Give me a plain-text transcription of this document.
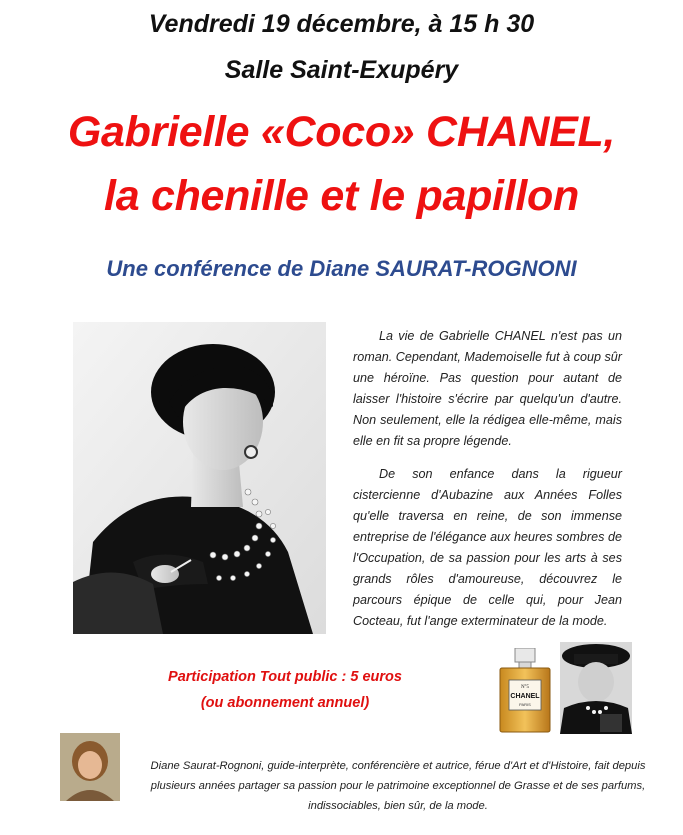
Vendredi 19 décembre, à 15 h 30
Salle Saint-Exupéry
Gabrielle «Coco» CHANEL,
la chenille et le papillon
Une conférence de Diane SAURAT-ROGNONI

La vie de Gabrielle CHANEL n'est pas un roman. Cependant, Mademoiselle fut à coup sûr une héroïne. Pas question pour autant de laisser l'histoire s'écrire par quelqu'un d'autre. Non seulement, elle la rédigea elle-même, mais elle en fit sa propre légende.

De son enfance dans la rigueur cistercienne d'Aubazine aux Années Folles qu'elle traversa en reine, de son immense entreprise de l'élégance aux heures sombres de l'Occupation, de sa passion pour les arts à ses grands rôles d'amoureuse, découvrez le parcours épique de celle qui, pour Jean Cocteau, fut l'ange exterminateur de la mode.

Participation Tout public : 5 euros
(ou abonnement annuel)
N°5
CHANEL
PARIS
Diane Saurat-Rognoni, guide-interprète, conférencière et autrice, férue d'Art et d'Histoire, fait depuis plusieurs années partager sa passion pour le patrimoine exceptionnel de Grasse et de ses parfums, indissociables, bien sûr, de la mode.
